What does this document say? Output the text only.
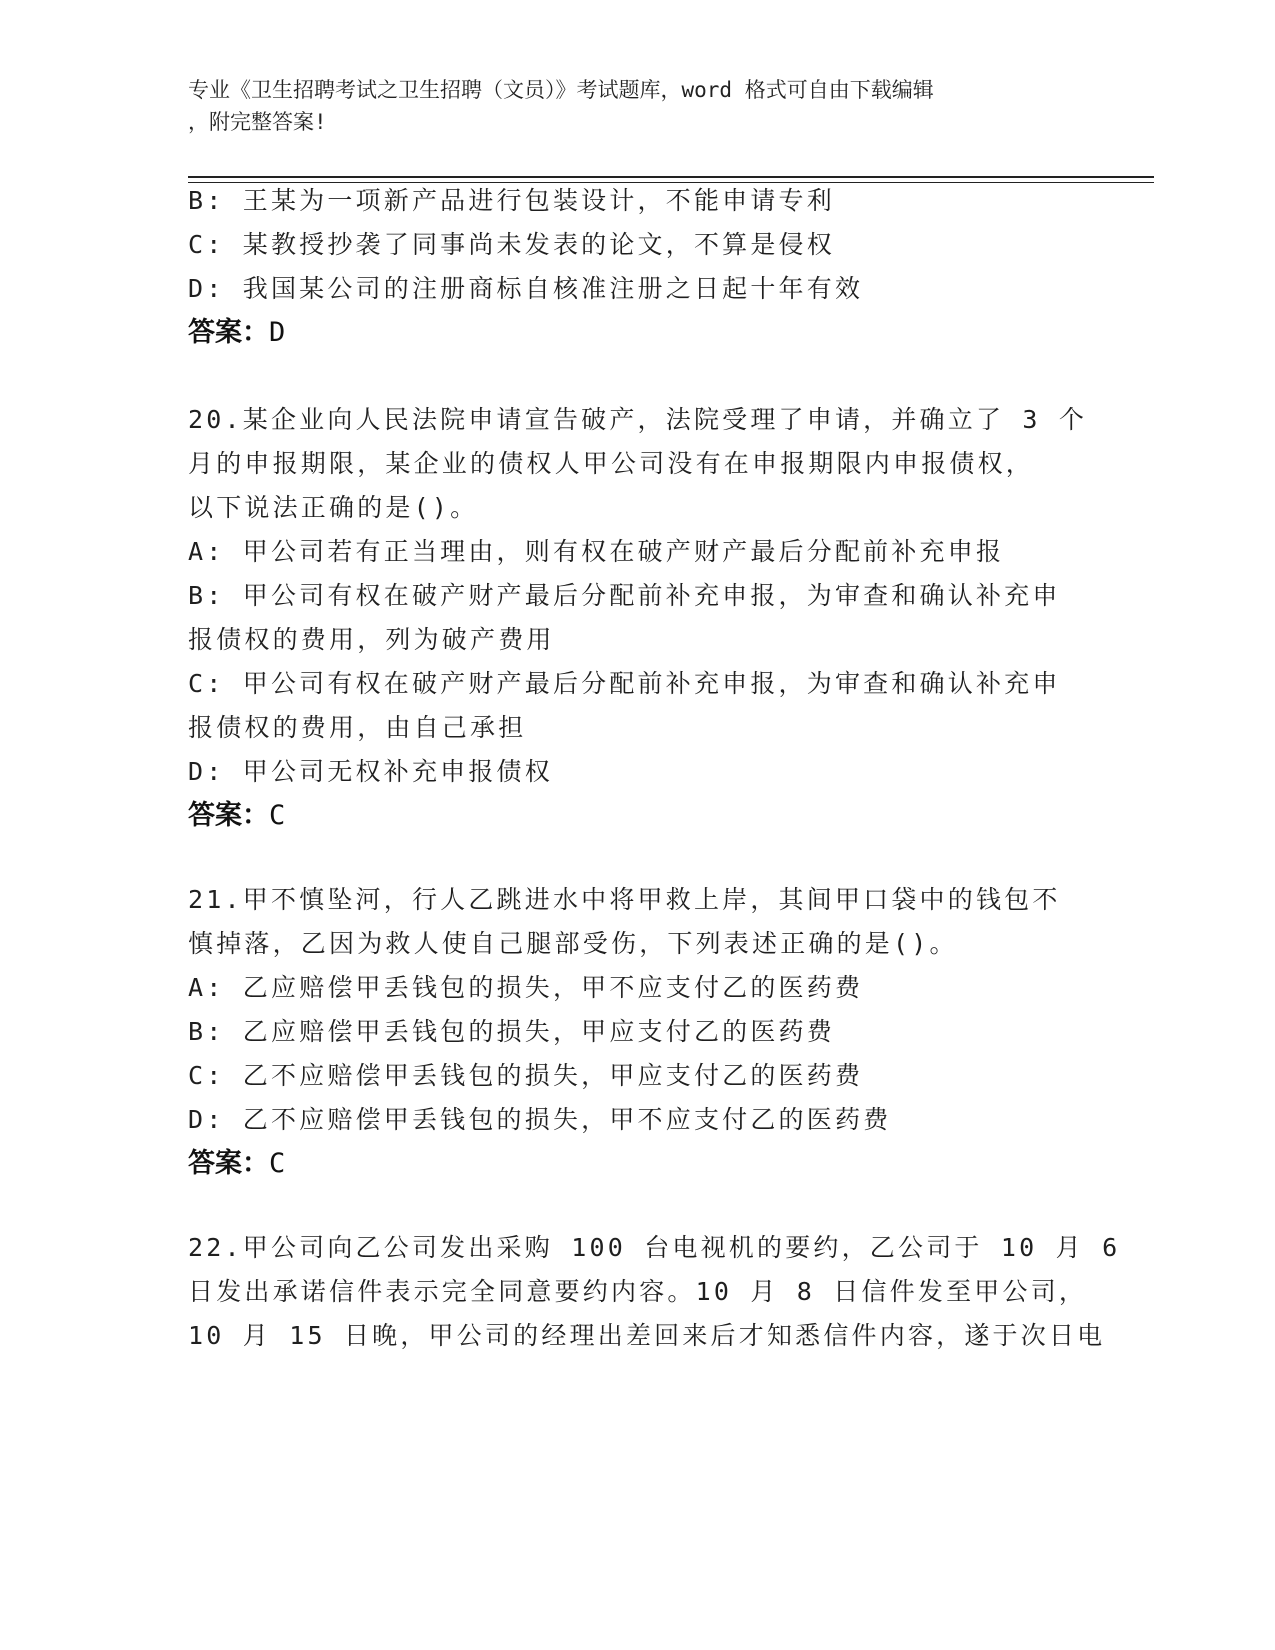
专业《卫生招聘考试之卫生招聘（文员）》考试题库，word 格式可自由下载编辑
，附完整答案!
B: 王某为一项新产品进行包装设计，不能申请专利
C: 某教授抄袭了同事尚未发表的论文，不算是侵权
D: 我国某公司的注册商标自核准注册之日起十年有效
答案：D
20.某企业向人民法院申请宣告破产，法院受理了申请，并确立了 3 个
月的申报期限，某企业的债权人甲公司没有在申报期限内申报债权，
以下说法正确的是()。
A: 甲公司若有正当理由，则有权在破产财产最后分配前补充申报
B: 甲公司有权在破产财产最后分配前补充申报，为审查和确认补充申
报债权的费用，列为破产费用
C: 甲公司有权在破产财产最后分配前补充申报，为审查和确认补充申
报债权的费用，由自己承担
D: 甲公司无权补充申报债权
答案：C
21.甲不慎坠河，行人乙跳进水中将甲救上岸，其间甲口袋中的钱包不
慎掉落，乙因为救人使自己腿部受伤，下列表述正确的是()。
A: 乙应赔偿甲丢钱包的损失，甲不应支付乙的医药费
B: 乙应赔偿甲丢钱包的损失，甲应支付乙的医药费
C: 乙不应赔偿甲丢钱包的损失，甲应支付乙的医药费
D: 乙不应赔偿甲丢钱包的损失，甲不应支付乙的医药费
答案：C
22.甲公司向乙公司发出采购 100 台电视机的要约，乙公司于 10 月 6
日发出承诺信件表示完全同意要约内容。10 月 8 日信件发至甲公司，
10 月 15 日晚，甲公司的经理出差回来后才知悉信件内容，遂于次日电
